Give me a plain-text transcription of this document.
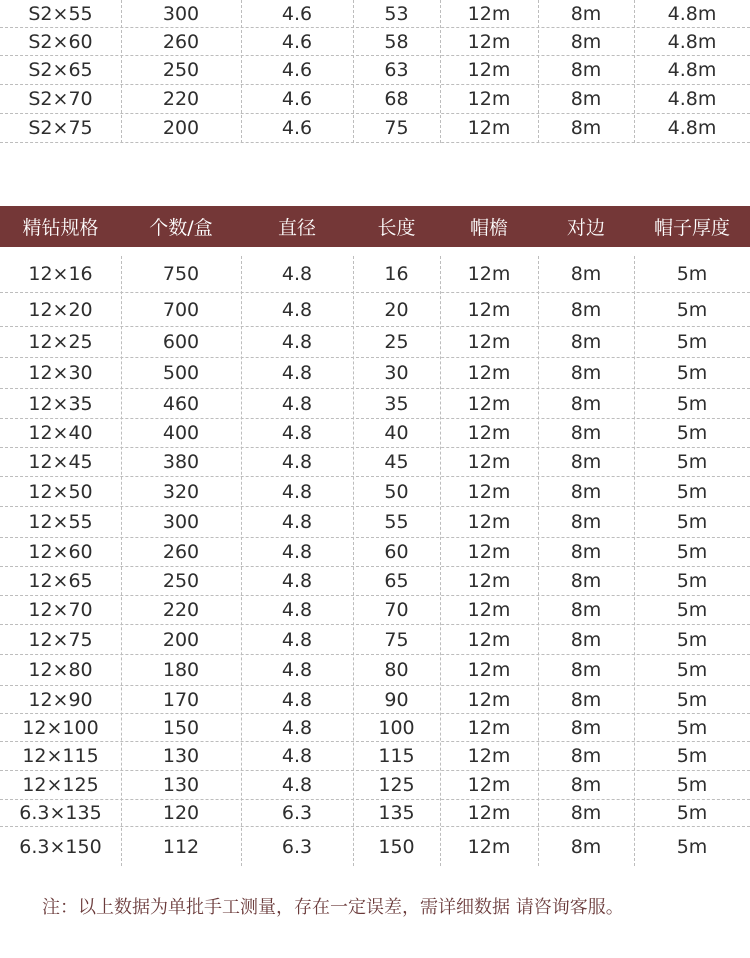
S2×55	300	4.6	53	12m	8m	4.8m
S2×60	260	4.6	58	12m	8m	4.8m
S2×65	250	4.6	63	12m	8m	4.8m
S2×70	220	4.6	68	12m	8m	4.8m
S2×75	200	4.6	75	12m	8m	4.8m
精钻规格	个数/盒	直径	长度	帽檐	对边	帽子厚度
12×16	750	4.8	16	12m	8m	5m
12×20	700	4.8	20	12m	8m	5m
12×25	600	4.8	25	12m	8m	5m
12×30	500	4.8	30	12m	8m	5m
12×35	460	4.8	35	12m	8m	5m
12×40	400	4.8	40	12m	8m	5m
12×45	380	4.8	45	12m	8m	5m
12×50	320	4.8	50	12m	8m	5m
12×55	300	4.8	55	12m	8m	5m
12×60	260	4.8	60	12m	8m	5m
12×65	250	4.8	65	12m	8m	5m
12×70	220	4.8	70	12m	8m	5m
12×75	200	4.8	75	12m	8m	5m
12×80	180	4.8	80	12m	8m	5m
12×90	170	4.8	90	12m	8m	5m
12×100	150	4.8	100	12m	8m	5m
12×115	130	4.8	115	12m	8m	5m
12×125	130	4.8	125	12m	8m	5m
6.3×135	120	6.3	135	12m	8m	5m
6.3×150	112	6.3	150	12m	8m	5m
注：以上数据为单批手工测量，存在一定误差，需详细数据 请咨询客服。
